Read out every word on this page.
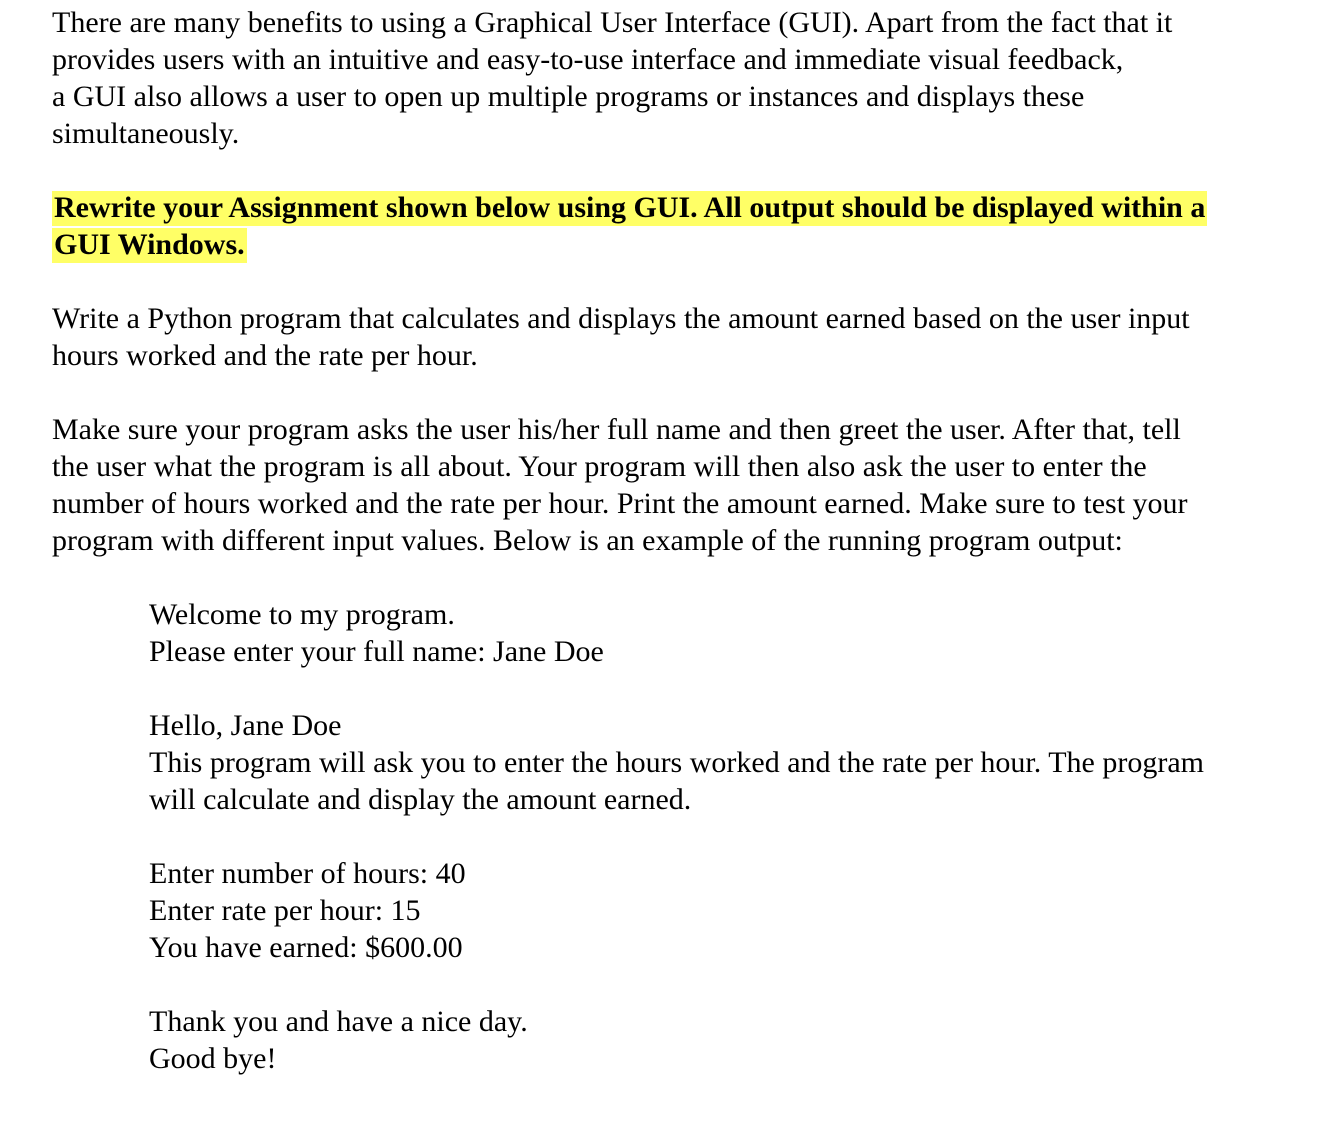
There are many benefits to using a Graphical User Interface (GUI). Apart from the fact that it
provides users with an intuitive and easy-to-use interface and immediate visual feedback,
a GUI also allows a user to open up multiple programs or instances and displays these
simultaneously.

Rewrite your Assignment shown below using GUI. All output should be displayed within a
GUI Windows.

Write a Python program that calculates and displays the amount earned based on the user input
hours worked and the rate per hour.

Make sure your program asks the user his/her full name and then greet the user. After that, tell
the user what the program is all about. Your program will then also ask the user to enter the
number of hours worked and the rate per hour. Print the amount earned. Make sure to test your
program with different input values. Below is an example of the running program output:

Welcome to my program.
Please enter your full name: Jane Doe

Hello, Jane Doe
This program will ask you to enter the hours worked and the rate per hour. The program
will calculate and display the amount earned.

Enter number of hours: 40
Enter rate per hour: 15
You have earned: $600.00

Thank you and have a nice day.
Good bye!
